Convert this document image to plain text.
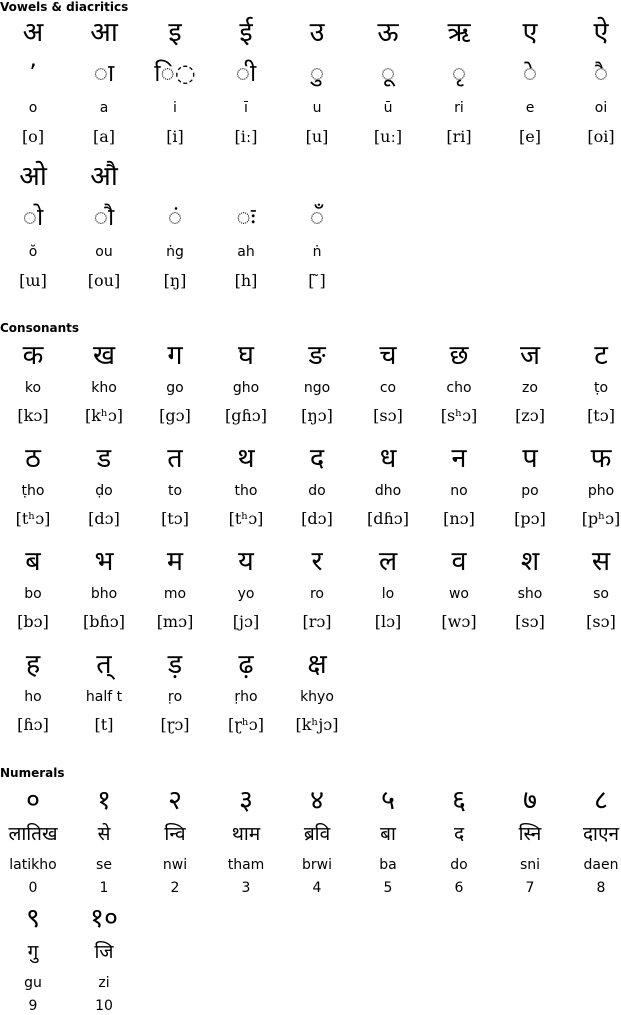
Vowels & diacritics
अ
ʼ
o
[o]
आ
◌ा
a
[a]
इ
ि◌
i
[i]
ई
◌ी
ī
[iː]
उ
◌ु
u
[u]
ऊ
◌ू
ū
[uː]
ऋ
◌ृ
ri
[ri]
ए
◌े
e
[e]
ऐ
◌ै
oi
[oi]
ओ
◌ो
ŏ
[ɯ]
औ
◌ौ
ou
[ou]
◌ं
ṅg
[ŋ]
◌ः
ah
[h]
◌ँ
ṅ
[ ̃]
Consonants
क
ko
[kɔ]
ख
kho
[kʰɔ]
ग
go
[gɔ]
घ
gho
[gɦɔ]
ङ
ngo
[ŋɔ]
च
co
[sɔ]
छ
cho
[sʰɔ]
ज
zo
[zɔ]
ट
ṭo
[tɔ]
ठ
ṭho
[tʰɔ]
ड
ḍo
[dɔ]
त
to
[tɔ]
थ
tho
[tʰɔ]
द
do
[dɔ]
ध
dho
[dɦɔ]
न
no
[nɔ]
प
po
[pɔ]
फ
pho
[pʰɔ]
ब
bo
[bɔ]
भ
bho
[bɦɔ]
म
mo
[mɔ]
य
yo
[jɔ]
र
ro
[rɔ]
ल
lo
[lɔ]
व
wo
[wɔ]
श
sho
[sɔ]
स
so
[sɔ]
ह
ho
[ɦɔ]
त्
half t
[t]
ड़
ṛo
[ɽɔ]
ढ़
ṛho
[ɽʰɔ]
क्ष
khyo
[kʰjɔ]
Numerals
०
लातिख
latikho
0
१
से
se
1
२
न्वि
nwi
2
३
थाम
tham
3
४
ब्रवि
brwi
4
५
बा
ba
5
६
द
do
6
७
स्नि
sni
7
८
दाएन
daen
8
९
गु
gu
9
१०
जि
zi
10
